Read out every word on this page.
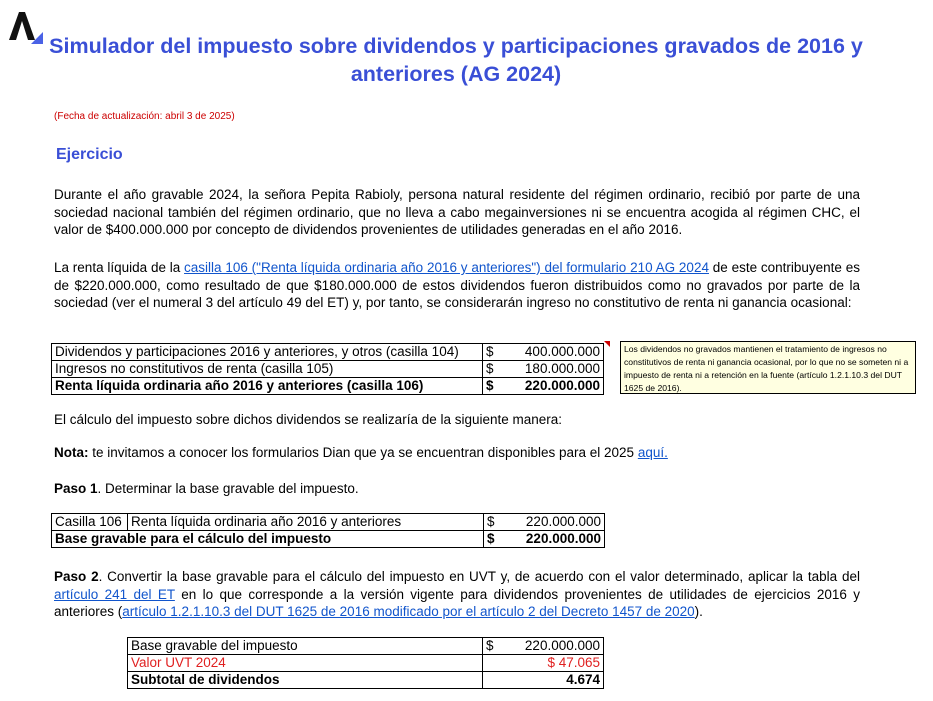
Simulador del impuesto sobre dividendos y participaciones gravados de 2016 y anteriores (AG 2024)
(Fecha de actualización: abril 3 de 2025)
Ejercicio
Durante el año gravable 2024, la señora Pepita Rabioly, persona natural residente del régimen ordinario, recibió por parte de una sociedad nacional también del régimen ordinario, que no lleva a cabo megainversiones ni se encuentra acogida al régimen CHC, el valor de $400.000.000 por concepto de dividendos provenientes de utilidades generadas en el año 2016.
La renta líquida de la casilla 106 ("Renta líquida ordinaria año 2016 y anteriores") del formulario 210 AG 2024 de este contribuyente es de $220.000.000, como resultado de que $180.000.000 de estos dividendos fueron distribuidos como no gravados por parte de la sociedad (ver el numeral 3 del artículo 49 del ET) y, por tanto, se considerarán ingreso no constitutivo de renta ni ganancia ocasional:
Dividendos y participaciones 2016 y anteriores, y otros (casilla 104)	$ 400.000.000

Ingresos no constitutivos de renta (casilla 105)	$ 180.000.000

Renta líquida ordinaria año 2016 y anteriores (casilla 106)	$ 220.000.000
Los dividendos no gravados mantienen el tratamiento de ingresos no constitutivos de renta ni ganancia ocasional, por lo que no se someten ni a impuesto de renta ni a retención en la fuente (artículo 1.2.1.10.3 del DUT 1625 de 2016).
El cálculo del impuesto sobre dichos dividendos se realizaría de la siguiente manera:
Nota: te invitamos a conocer los formularios Dian que ya se encuentran disponibles para el 2025 aquí.
Paso 1. Determinar la base gravable del impuesto.
Casilla 106	Renta líquida ordinaria año 2016 y anteriores	$ 220.000.000

Base gravable para el cálculo del impuesto		$ 220.000.000
Paso 2. Convertir la base gravable para el cálculo del impuesto en UVT y, de acuerdo con el valor determinado, aplicar la tabla del artículo 241 del ET en lo que corresponde a la versión vigente para dividendos provenientes de utilidades de ejercicios 2016 y anteriores (artículo 1.2.1.10.3 del DUT 1625 de 2016 modificado por el artículo 2 del Decreto 1457 de 2020).
Base gravable del impuesto	$ 220.000.000

Valor UVT 2024	$ 47.065
Subtotal de dividendos	4.674
